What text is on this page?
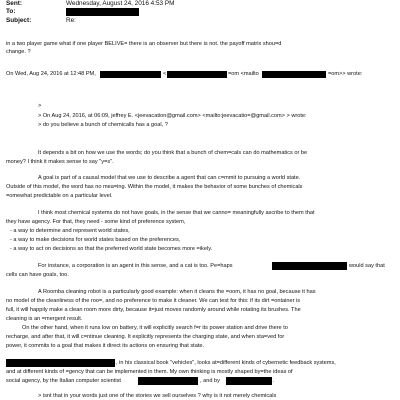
Sent:	Wednesday, August 24, 2016 4:53 PM
To:
Subject:	Re:
in a two player game what if one player BELIVE= there is an observer but there is not. the payoff matrix shou=d
change. ?
On Wed, Aug 24, 2016 at 12:48 PM,	<	=om <mailto	=om>> wrote:
>
> On Aug 24, 2016, at 06:09, jeffrey E. <jeevacation@gmail.com> <mailto:jeevacatio=@gmail.com> > wrote:
> do you believe a bunch of chemicalls has a goal, ?
It depends a bit on how we use the words; do you think that a bunch of chem=cals can do mathematics or be
money? I think it makes sense to say "y=s".
A goal is part of a causal model that we use to describe a agent that can c=mmit to pursuing a world state.
Outside of this model, the word has no mea=ing. Within the model, it makes the behavior of some bunches of chemicals
=omewhat predictable on a particular level.
I think most chemical systems do not have goals, in the sense that we canno= meaningfully ascribe to them that
they have agency. For that, they need - some kind of preference system,
- a way to determine and represent world states,
- a way to make decisions for world states based on the preferences,
- a way to act on decisions so that the preferred world state becomes more =ikely.
For instance, a corporation is an agent in this sense, and a cat is too. Pe=haps	would say that
cells can have goals, too.
A Roomba cleaning robot is a particularly good example: when it cleans the =oom, it has no goal, because it has
no model of the cleanliness of the roo=, and no preference to make it cleaner. We can test for this: if its dirt =ontainer is
full, it will happily make a clean room more dirty, because it=just moves randomly around while rotating its brushes. The
cleaning is an =mergent result.
On the other hand, when it runs low on battery, it will explicitly search f=r its power station and drive there to
recharge, and after that, it will c=ntinue cleaning. It explicitly represents the charging state, and when sta=ved for
power, it commits to a goal that makes it direct its actions on ensuring that state.
, in his classical book "vehicles", looks at=different kinds of cybernetic feedback systems,
and at different kinds of =gency that can be implemented in them. My own thinking is mostly shaped by=the ideas of
social agency, by the Italian computer scientist	, and by	.
> isnt that in your words just one of the stories we sell ourselves ? why is it not merely chemicals
